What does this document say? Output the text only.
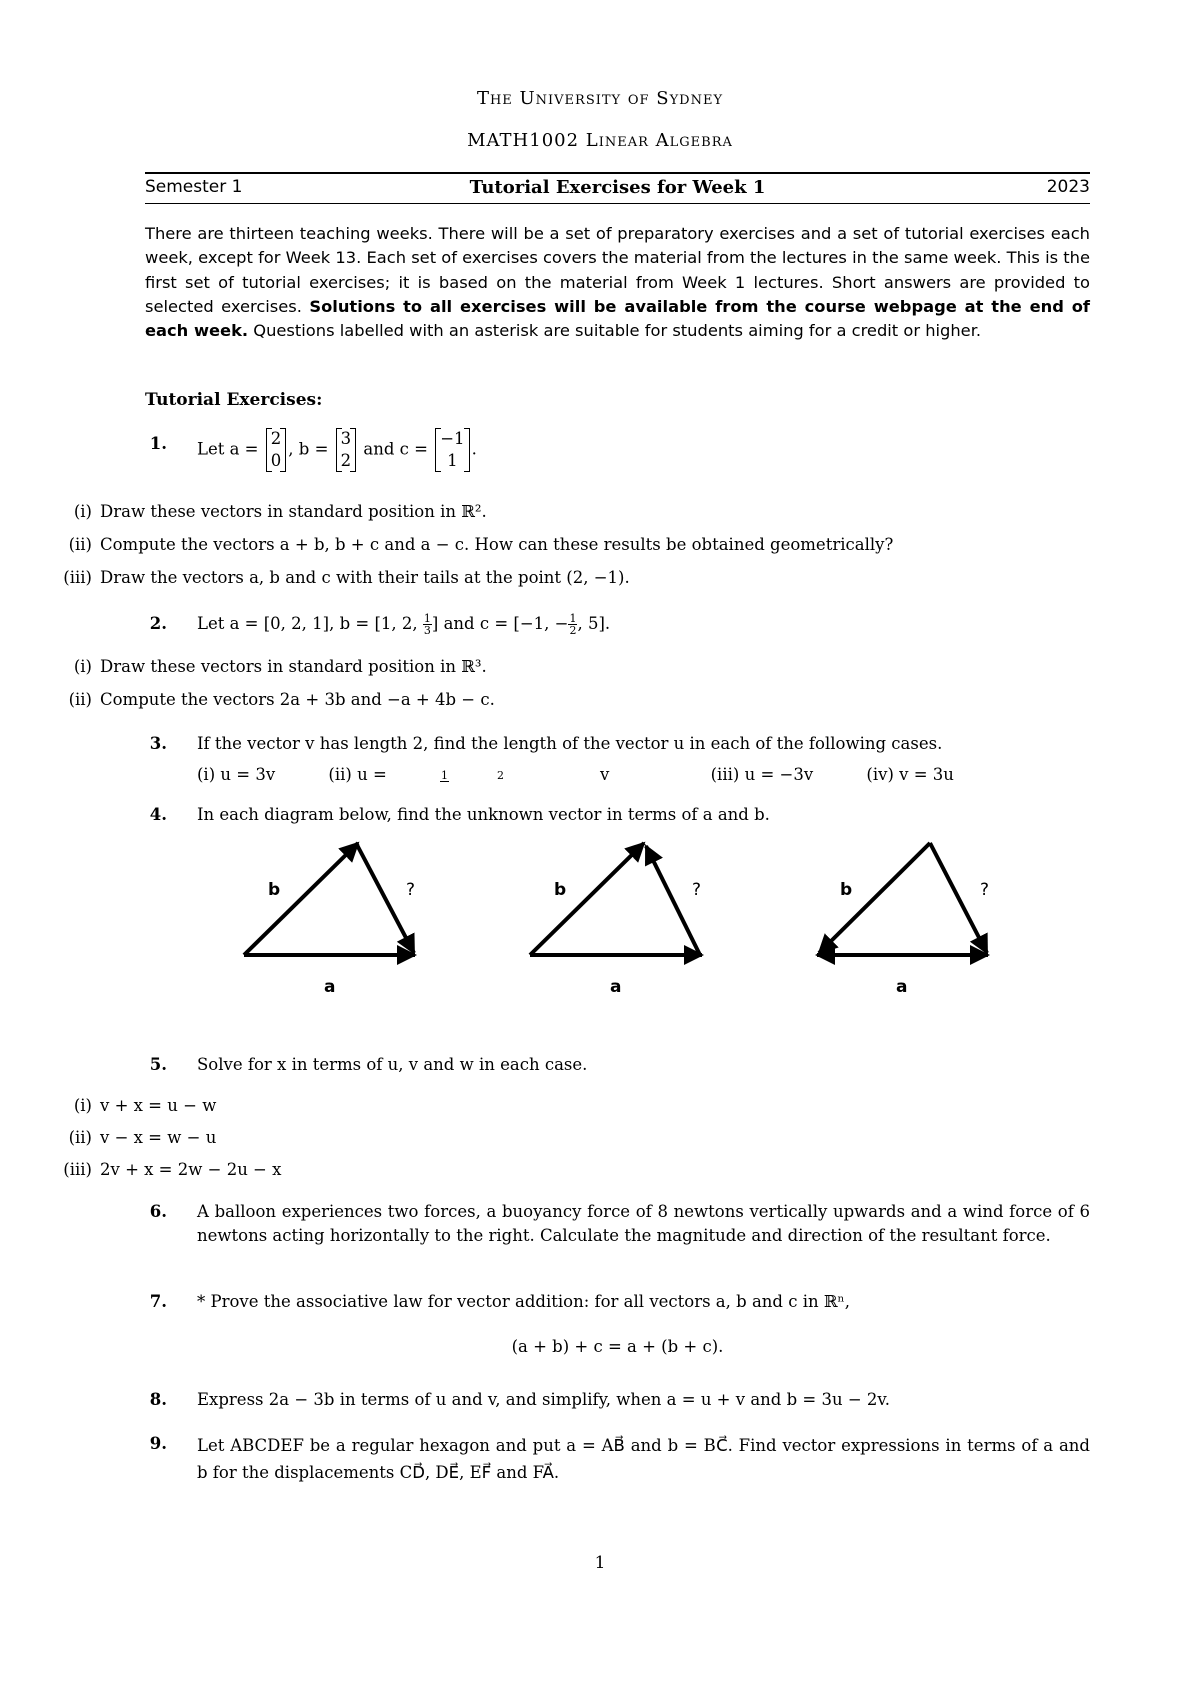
The University of Sydney
MATH1002 Linear Algebra
Semester 1	Tutorial Exercises for Week 1	2023
There are thirteen teaching weeks. There will be a set of preparatory exercises and a set of tutorial exercises each week, except for Week 13. Each set of exercises covers the material from the lectures in the same week. This is the first set of tutorial exercises; it is based on the material from Week 1 lectures. Short answers are provided to selected exercises. Solutions to all exercises will be available from the course webpage at the end of each week. Questions labelled with an asterisk are suitable for students aiming for a credit or higher.
Tutorial Exercises:
1. Let a = 2
0, b = 3
2 and c = −1
1.
(i) Draw these vectors in standard position in ℝ².
(ii) Compute the vectors a + b, b + c and a − c. How can these results be obtained geometrically?
(iii) Draw the vectors a, b and c with their tails at the point (2, −1).
2. Let a = [0, 2, 1], b = [1, 2, $\frac{1}{3}$ ] and c = [−1, − $\frac{1}{2}$ , 5].
(i) Draw these vectors in standard position in ℝ³.
(ii) Compute the vectors 2a + 3b and −a + 4b − c.
3. If the vector v has length 2, find the length of the vector u in each of the following cases.
(i) u = 3v	(ii) u =	1	2	v	(iii) u = −3v	(iv) v = 3u
4. In each diagram below, find the unknown vector in terms of a and b.
b	?
a
b	?
a
b	?
a
5. Solve for x in terms of u, v and w in each case.
(i) v + x = u − w
(ii) v − x = w − u
(iii) 2v + x = 2w − 2u − x
6. A balloon experiences two forces, a buoyancy force of 8 newtons vertically upwards and a wind force of 6 newtons acting horizontally to the right. Calculate the magnitude and direction of the resultant force.
7. * Prove the associative law for vector addition: for all vectors a, b and c in ℝⁿ,
(a + b) + c = a + (b + c).
8. Express 2a − 3b in terms of u and v, and simplify, when a = u + v and b = 3u − 2v.
9. Let ABCDEF be a regular hexagon and put a = AB⃗ and b = BC⃗. Find vector expressions in terms of a and b for the displacements CD⃗, DE⃗, EF⃗ and FA⃗.
1
